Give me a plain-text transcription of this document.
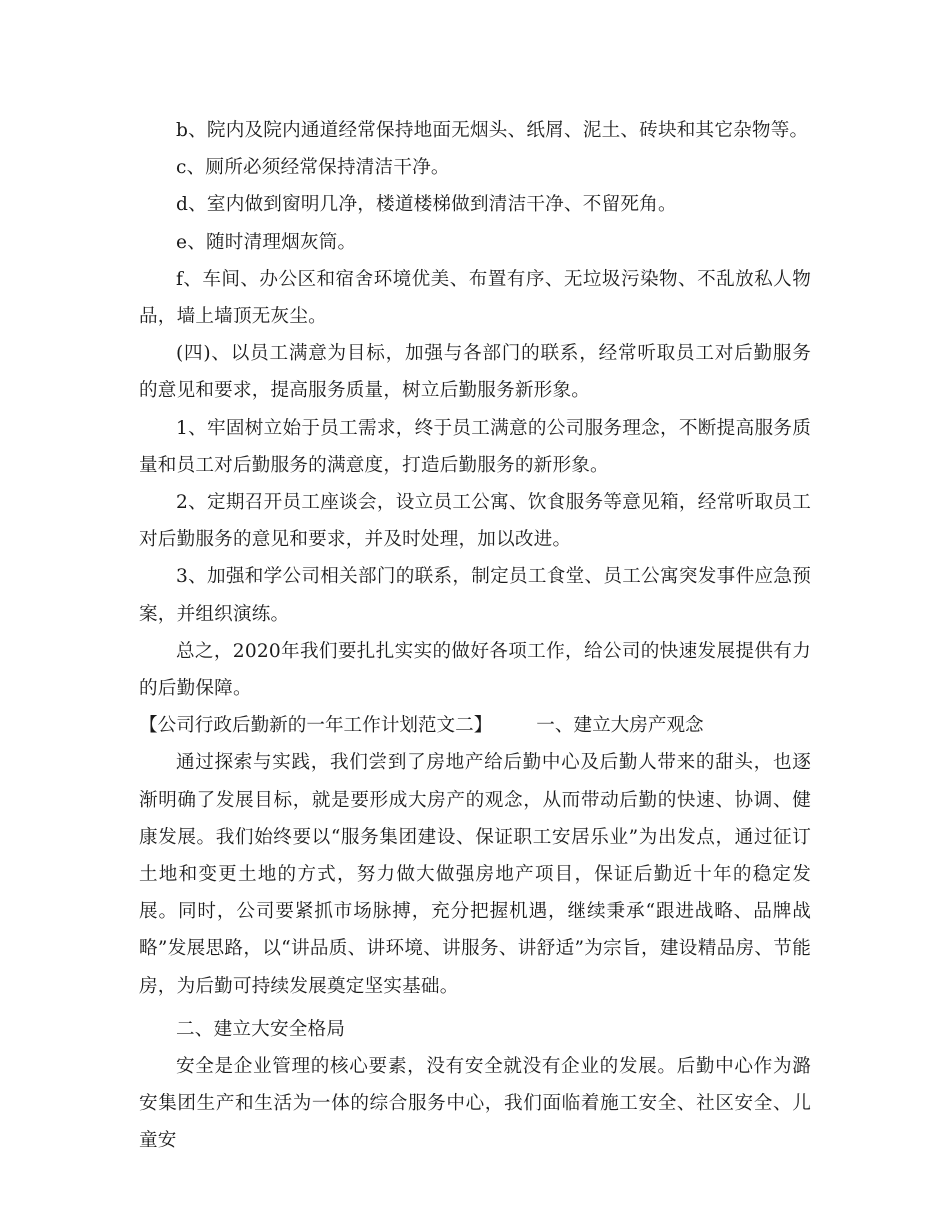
b、院内及院内通道经常保持地面无烟头、纸屑、泥土、砖块和其它杂物等。

c、厕所必须经常保持清洁干净。

d、室内做到窗明几净，楼道楼梯做到清洁干净、不留死角。

e、随时清理烟灰筒。

f、车间、办公区和宿舍环境优美、布置有序、无垃圾污染物、不乱放私人物品，墙上墙顶无灰尘。

(四)、以员工满意为目标，加强与各部门的联系，经常听取员工对后勤服务的意见和要求，提高服务质量，树立后勤服务新形象。

1、牢固树立始于员工需求，终于员工满意的公司服务理念，不断提高服务质量和员工对后勤服务的满意度，打造后勤服务的新形象。

2、定期召开员工座谈会，设立员工公寓、饮食服务等意见箱，经常听取员工对后勤服务的意见和要求，并及时处理，加以改进。

3、加强和学公司相关部门的联系，制定员工食堂、员工公寓突发事件应急预案，并组织演练。

总之，2020年我们要扎扎实实的做好各项工作，给公司的快速发展提供有力的后勤保障。

【公司行政后勤新的一年工作计划范文二】 一、建立大房产观念

通过探索与实践，我们尝到了房地产给后勤中心及后勤人带来的甜头，也逐渐明确了发展目标，就是要形成大房产的观念，从而带动后勤的快速、协调、健康发展。我们始终要以“服务集团建设、保证职工安居乐业”为出发点，通过征订土地和变更土地的方式，努力做大做强房地产项目，保证后勤近十年的稳定发展。同时，公司要紧抓市场脉搏，充分把握机遇，继续秉承“跟进战略、品牌战略”发展思路，以“讲品质、讲环境、讲服务、讲舒适”为宗旨，建设精品房、节能房，为后勤可持续发展奠定坚实基础。

二、建立大安全格局

安全是企业管理的核心要素，没有安全就没有企业的发展。后勤中心作为潞安集团生产和生活为一体的综合服务中心，我们面临着施工安全、社区安全、儿童安
